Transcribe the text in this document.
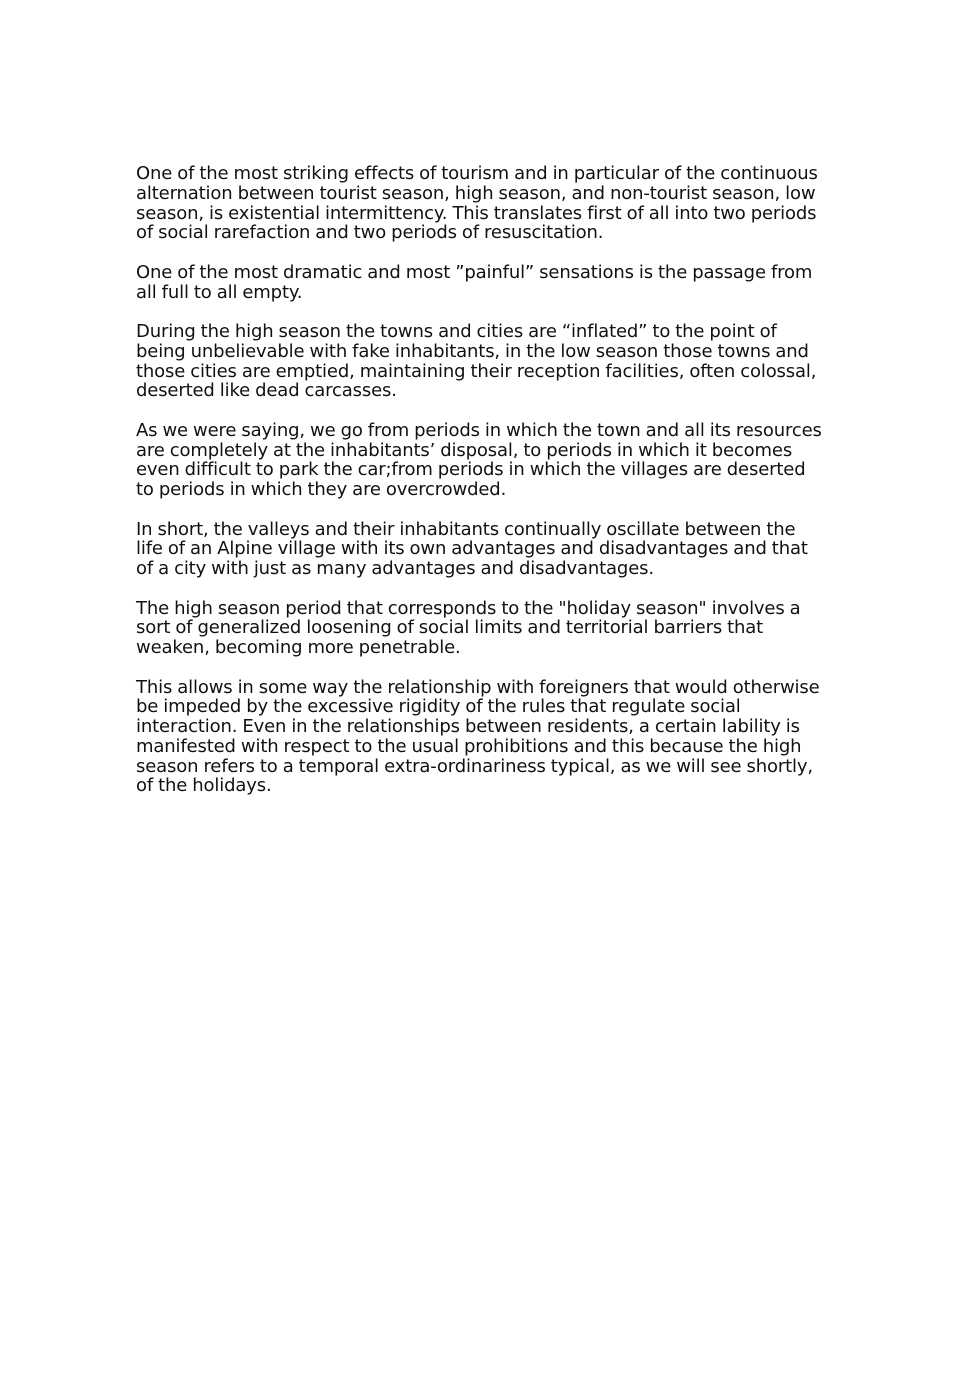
One of the most striking effects of tourism and in particular of the continuous alternation between tourist season, high season, and non-tourist season, low season, is existential intermittency. This translates first of all into two periods of social rarefaction and two periods of resuscitation.

One of the most dramatic and most ”painful” sensations is the passage from all full to all empty.

During the high season the towns and cities are “inflated” to the point of being unbelievable with fake inhabitants, in the low season those towns and those cities are emptied, maintaining their reception facilities, often colossal, deserted like dead carcasses.

As we were saying, we go from periods in which the town and all its resources are completely at the inhabitants’ disposal, to periods in which it becomes even difficult to park the car;from periods in which the villages are deserted to periods in which they are overcrowded.

In short, the valleys and their inhabitants continually oscillate between the life of an Alpine village with its own advantages and disadvantages and that of a city with just as many advantages and disadvantages.

The high season period that corresponds to the "holiday season" involves a sort of generalized loosening of social limits and territorial barriers that weaken, becoming more penetrable.

This allows in some way the relationship with foreigners that would otherwise be impeded by the excessive rigidity of the rules that regulate social interaction. Even in the relationships between residents, a certain lability is manifested with respect to the usual prohibitions and this because the high season refers to a temporal extra-ordinariness typical, as we will see shortly, of the holidays.
